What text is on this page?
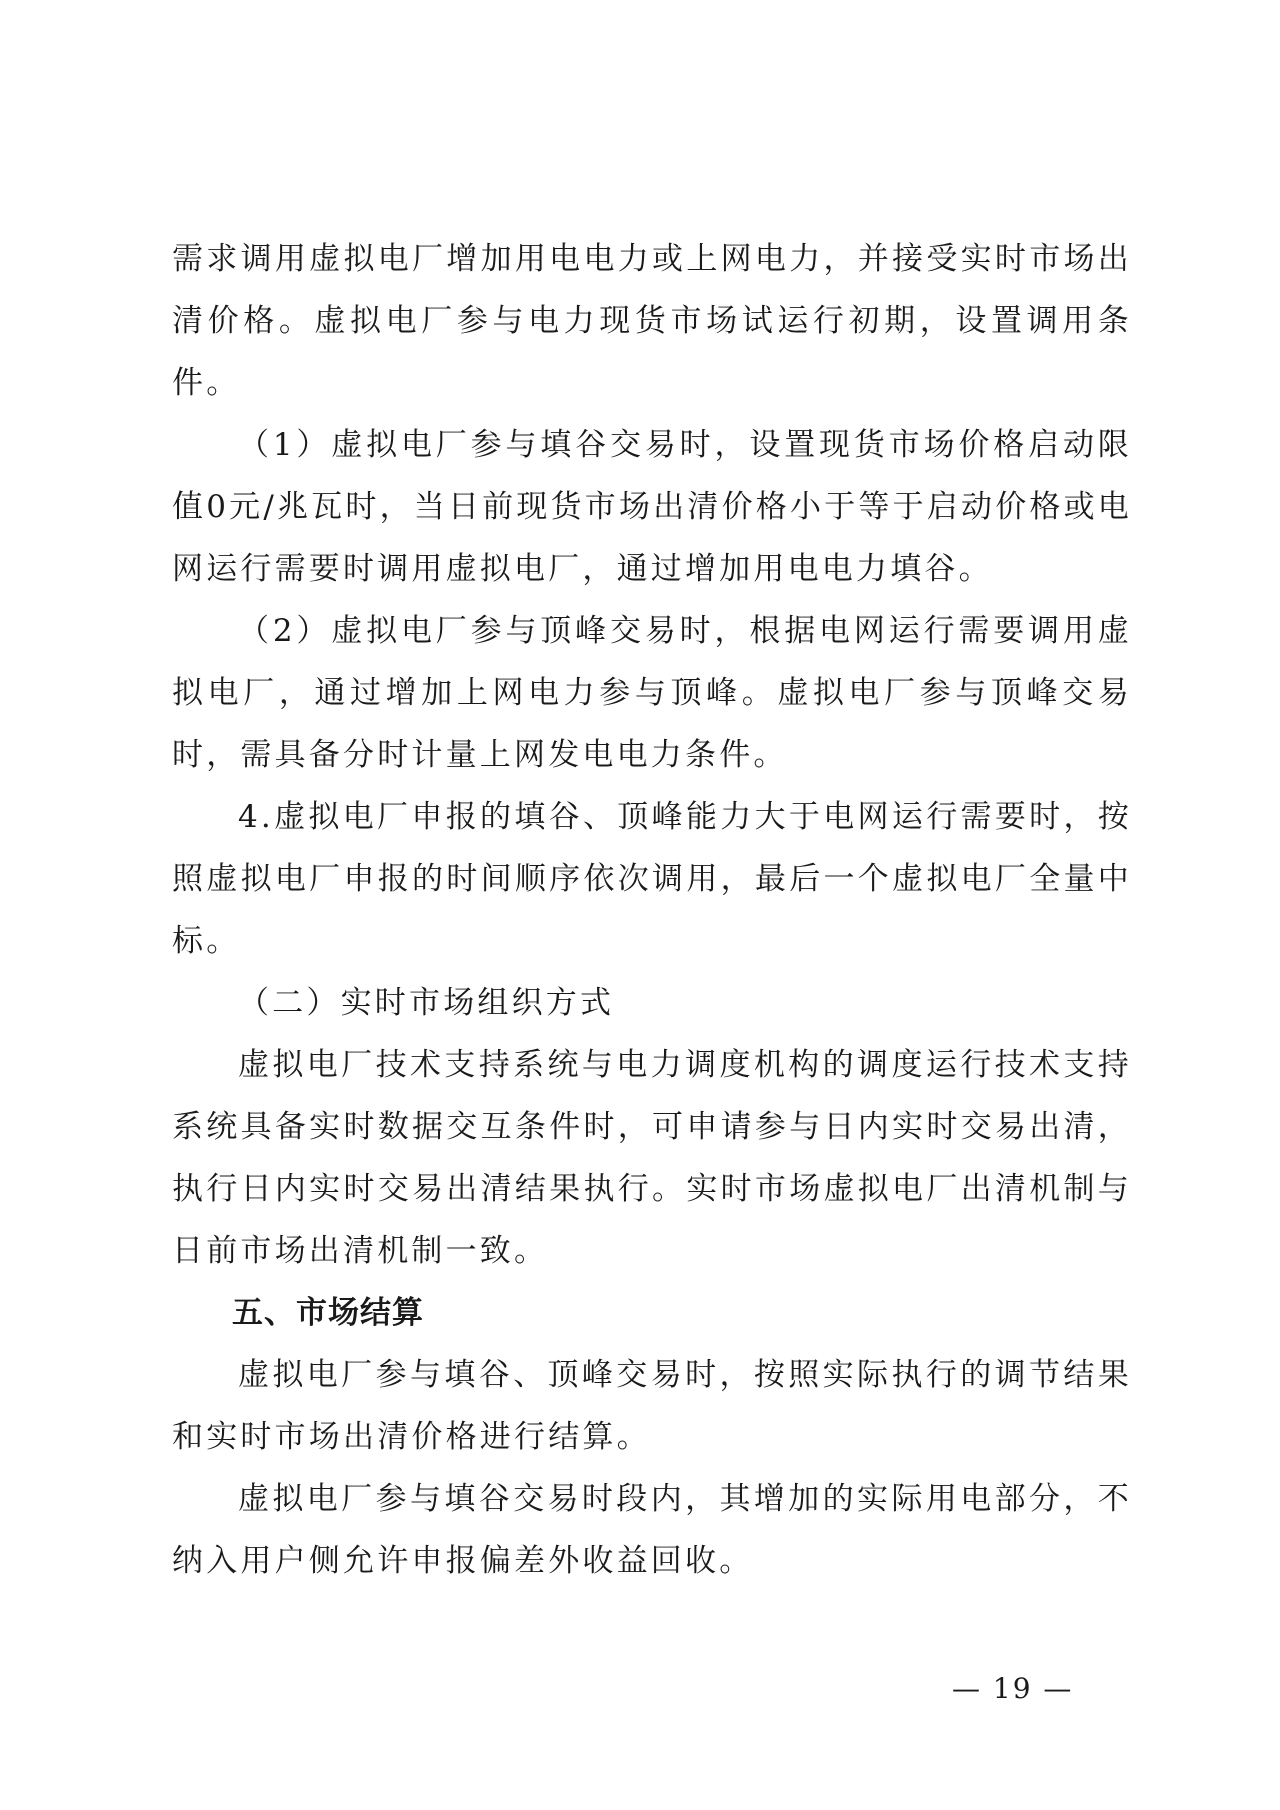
需求调用虚拟电厂增加用电电力或上网电力，并接受实时市场出清价格。虚拟电厂参与电力现货市场试运行初期，设置调用条件。

（1）虚拟电厂参与填谷交易时，设置现货市场价格启动限值0元/兆瓦时，当日前现货市场出清价格小于等于启动价格或电网运行需要时调用虚拟电厂，通过增加用电电力填谷。

（2）虚拟电厂参与顶峰交易时，根据电网运行需要调用虚拟电厂，通过增加上网电力参与顶峰。虚拟电厂参与顶峰交易时，需具备分时计量上网发电电力条件。

4.虚拟电厂申报的填谷、顶峰能力大于电网运行需要时，按照虚拟电厂申报的时间顺序依次调用，最后一个虚拟电厂全量中标。

（二）实时市场组织方式

虚拟电厂技术支持系统与电力调度机构的调度运行技术支持系统具备实时数据交互条件时，可申请参与日内实时交易出清，执行日内实时交易出清结果执行。实时市场虚拟电厂出清机制与日前市场出清机制一致。

五、市场结算

虚拟电厂参与填谷、顶峰交易时，按照实际执行的调节结果和实时市场出清价格进行结算。

虚拟电厂参与填谷交易时段内，其增加的实际用电部分，不纳入用户侧允许申报偏差外收益回收。

— 19 —
